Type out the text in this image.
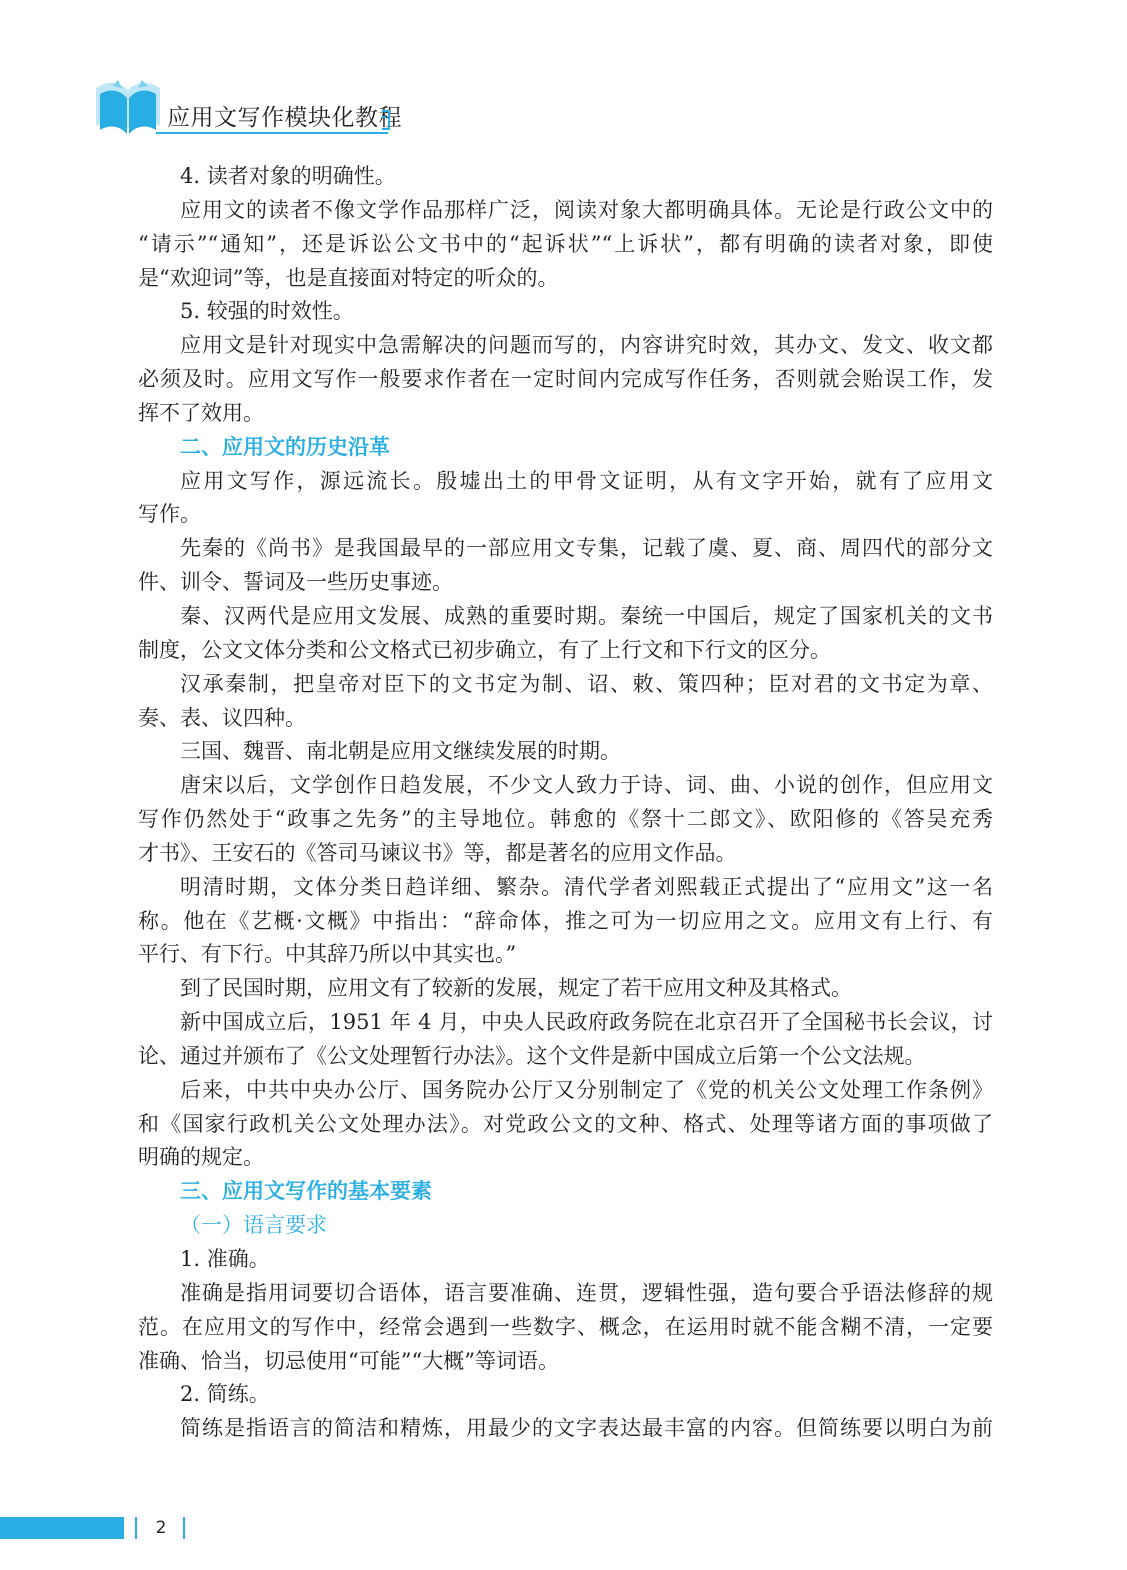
应用文写作模块化教程
4. 读者对象的明确性。
应用文的读者不像文学作品那样广泛，阅读对象大都明确具体。无论是行政公文中的
“请示”“通知”，还是诉讼公文书中的“起诉状”“上诉状”，都有明确的读者对象，即使
是“欢迎词”等，也是直接面对特定的听众的。
5. 较强的时效性。
应用文是针对现实中急需解决的问题而写的，内容讲究时效，其办文、发文、收文都
必须及时。应用文写作一般要求作者在一定时间内完成写作任务，否则就会贻误工作，发
挥不了效用。
二、应用文的历史沿革
应用文写作，源远流长。殷墟出土的甲骨文证明，从有文字开始，就有了应用文
写作。
先秦的《尚书》是我国最早的一部应用文专集，记载了虞、夏、商、周四代的部分文
件、训令、誓词及一些历史事迹。
秦、汉两代是应用文发展、成熟的重要时期。秦统一中国后，规定了国家机关的文书
制度，公文文体分类和公文格式已初步确立，有了上行文和下行文的区分。
汉承秦制，把皇帝对臣下的文书定为制、诏、敕、策四种；臣对君的文书定为章、
奏、表、议四种。
三国、魏晋、南北朝是应用文继续发展的时期。
唐宋以后，文学创作日趋发展，不少文人致力于诗、词、曲、小说的创作，但应用文
写作仍然处于“政事之先务”的主导地位。韩愈的《祭十二郎文》、欧阳修的《答吴充秀
才书》、王安石的《答司马谏议书》等，都是著名的应用文作品。
明清时期，文体分类日趋详细、繁杂。清代学者刘熙载正式提出了“应用文”这一名
称。他在《艺概·文概》中指出：“辞命体，推之可为一切应用之文。应用文有上行、有
平行、有下行。中其辞乃所以中其实也。”
到了民国时期，应用文有了较新的发展，规定了若干应用文种及其格式。
新中国成立后，1951 年 4 月，中央人民政府政务院在北京召开了全国秘书长会议，讨
论、通过并颁布了《公文处理暂行办法》。这个文件是新中国成立后第一个公文法规。
后来，中共中央办公厅、国务院办公厅又分别制定了《党的机关公文处理工作条例》
和《国家行政机关公文处理办法》。对党政公文的文种、格式、处理等诸方面的事项做了
明确的规定。
三、应用文写作的基本要素
（一）语言要求
1. 准确。
准确是指用词要切合语体，语言要准确、连贯，逻辑性强，造句要合乎语法修辞的规
范。在应用文的写作中，经常会遇到一些数字、概念，在运用时就不能含糊不清，一定要
准确、恰当，切忌使用“可能”“大概”等词语。
2. 简练。
简练是指语言的简洁和精炼，用最少的文字表达最丰富的内容。但简练要以明白为前
2
